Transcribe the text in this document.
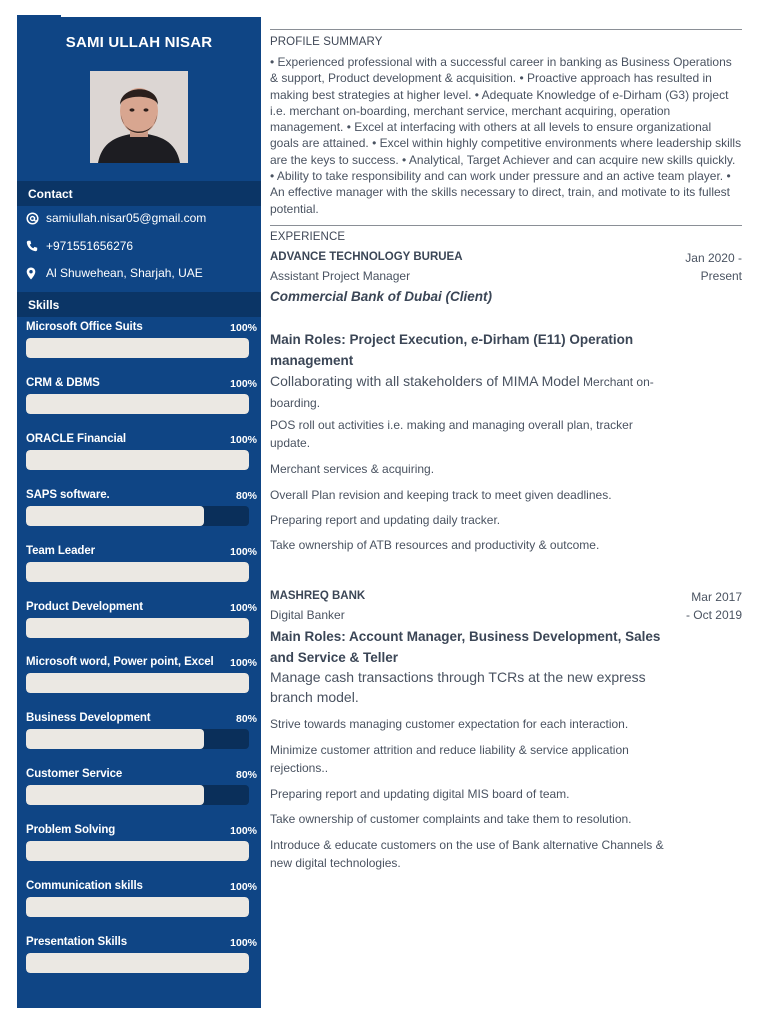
SAMI ULLAH NISAR
Contact
samiullah.nisar05@gmail.com
+971551656276
Al Shuwehean, Sharjah, UAE
Skills
Microsoft Office Suits	100%
CRM & DBMS	100%
ORACLE Financial	100%
SAPS software.	80%
Team Leader	100%
Product Development	100%
Microsoft word, Power point, Excel 100%
Business Development	80%
Customer Service	80%
Problem Solving	100%
Communication skills	100%
Presentation Skills	100%
PROFILE SUMMARY
• Experienced professional with a successful career in banking as Business Operations & support, Product development & acquisition. • Proactive approach has resulted in making best strategies at higher level. • Adequate Knowledge of e-Dirham (G3) project i.e. merchant on-boarding, merchant service, merchant acquiring, operation management. • Excel at interfacing with others at all levels to ensure organizational goals are attained. • Excel within highly competitive environments where leadership skills are the keys to success. • Analytical, Target Achiever and can acquire new skills quickly. • Ability to take responsibility and can work under pressure and an active team player. • An effective manager with the skills necessary to direct, train, and motivate to its fullest potential.
EXPERIENCE
ADVANCE TECHNOLOGY BURUEA
Assistant Project Manager
Jan 2020 -
Present
Commercial Bank of Dubai (Client)
Main Roles: Project Execution, e-Dirham (E11) Operation management
Collaborating with all stakeholders of MIMA Model Merchant on-boarding.
POS roll out activities i.e. making and managing overall plan, tracker update.
Merchant services & acquiring.
Overall Plan revision and keeping track to meet given deadlines.
Preparing report and updating daily tracker.
Take ownership of ATB resources and productivity & outcome.
MASHREQ BANK
Digital Banker
Mar 2017
- Oct 2019
Main Roles: Account Manager, Business Development, Sales and Service & Teller
Manage cash transactions through TCRs at the new express branch model.
Strive towards managing customer expectation for each interaction.
Minimize customer attrition and reduce liability & service application rejections..
Preparing report and updating digital MIS board of team.
Take ownership of customer complaints and take them to resolution.
Introduce & educate customers on the use of Bank alternative Channels & new digital technologies.
